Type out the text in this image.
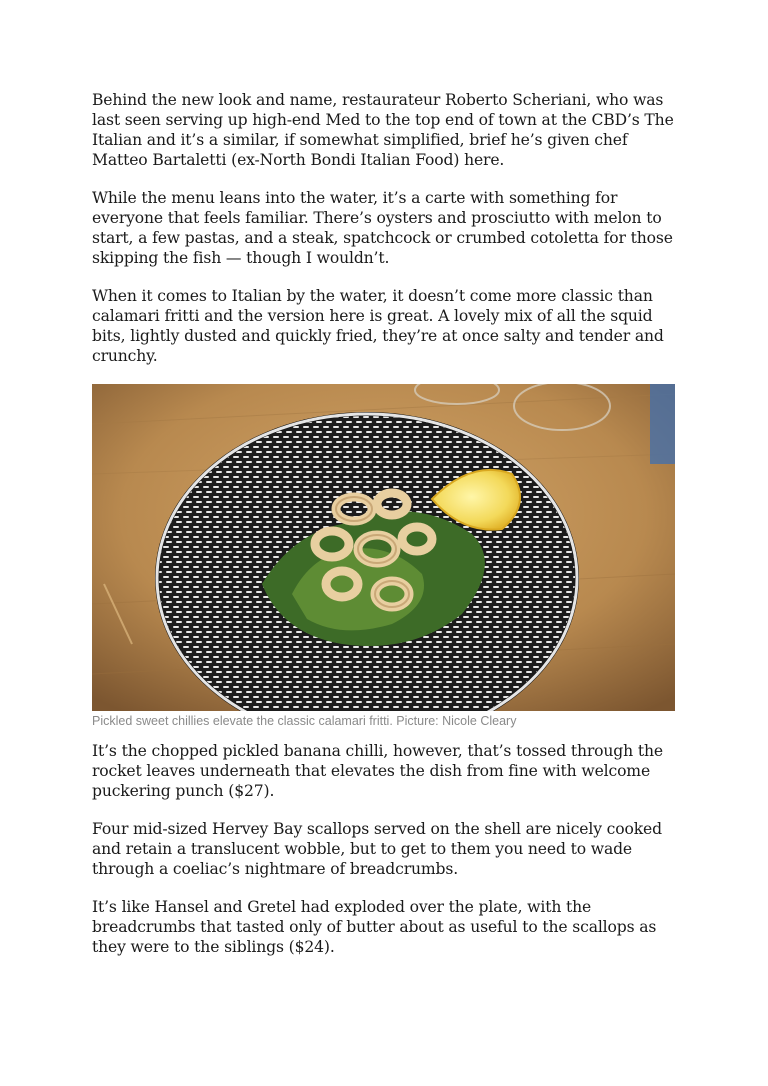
Behind the new look and name, restaurateur Roberto Scheriani, who was last seen serving up high-end Med to the top end of town at the CBD’s The Italian and it’s a similar, if somewhat simplified, brief he’s given chef Matteo Bartaletti (ex-North Bondi Italian Food) here.

While the menu leans into the water, it’s a carte with something for everyone that feels familiar. There’s oysters and prosciutto with melon to start, a few pastas, and a steak, spatchcock or crumbed cotoletta for those skipping the fish — though I wouldn’t.

When it comes to Italian by the water, it doesn’t come more classic than calamari fritti and the version here is great. A lovely mix of all the squid bits, lightly dusted and quickly fried, they’re at once salty and tender and crunchy.

Pickled sweet chillies elevate the classic calamari fritti. Picture: Nicole Cleary

It’s the chopped pickled banana chilli, however, that’s tossed through the rocket leaves underneath that elevates the dish from fine with welcome puckering punch ($27).

Four mid-sized Hervey Bay scallops served on the shell are nicely cooked and retain a translucent wobble, but to get to them you need to wade through a coeliac’s nightmare of breadcrumbs.

It’s like Hansel and Gretel had exploded over the plate, with the breadcrumbs that tasted only of butter about as useful to the scallops as they were to the siblings ($24).
